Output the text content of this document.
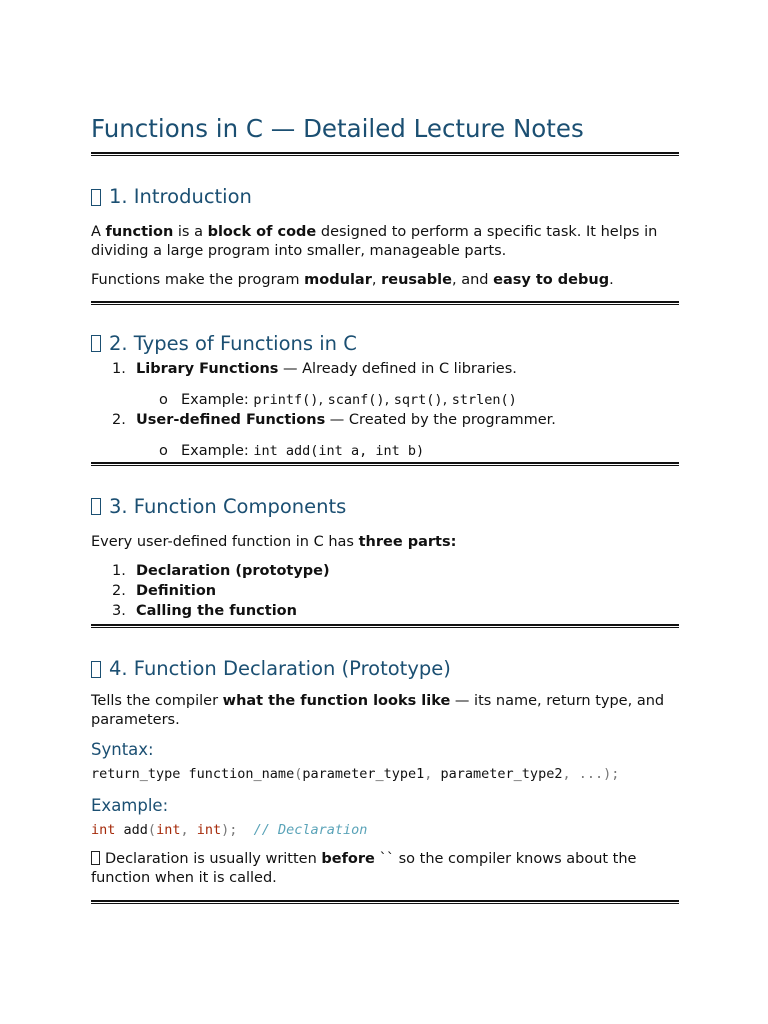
Functions in C — Detailed Lecture Notes
1. Introduction

A function is a block of code designed to perform a specific task. It helps in dividing a large program into smaller, manageable parts.

Functions make the program modular, reusable, and easy to debug.

2. Types of Functions in C
1. Library Functions — Already defined in C libraries.
o Example: printf(), scanf(), sqrt(), strlen()
2. User-defined Functions — Created by the programmer.
o Example: int add(int a, int b)
3. Function Components

Every user-defined function in C has three parts:

1. Declaration (prototype)
2. Definition
3. Calling the function
4. Function Declaration (Prototype)

Tells the compiler what the function looks like — its name, return type, and parameters.

Syntax:
return_type function_name(parameter_type1, parameter_type2, ...);
Example:
int add(int, int); // Declaration

Declaration is usually written before `` so the compiler knows about the function when it is called.
